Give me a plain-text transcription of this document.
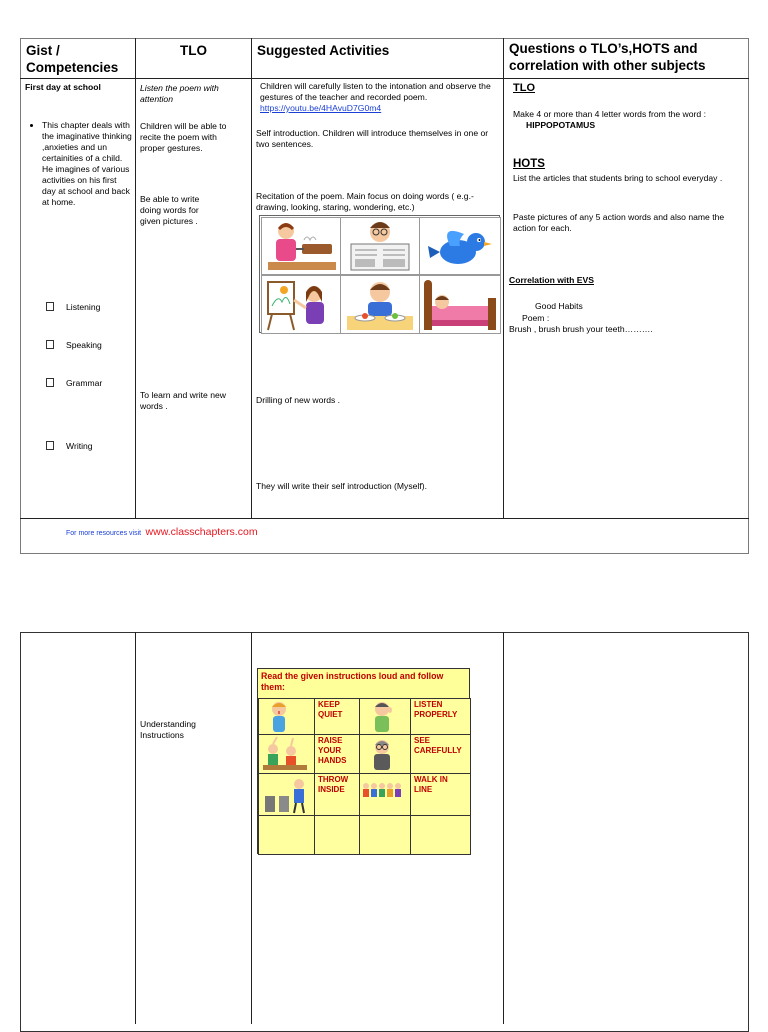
Gist /
Competencies
TLO	Suggested Activities	Questions o TLO’s,HOTS and correlation with other subjects
First day at school
• This chapter deals with the imaginative thinking ,anxieties and un certainities of a child. He imagines of various activities on his first day at school and back at home.
Listening
Speaking
Grammar
Writing
Listen the poem with attention
Children will be able to recite the poem with proper gestures.
Be able to write doing words for given pictures .
To learn and write new words .
Children will carefully listen to the intonation and observe the gestures of the teacher and recorded poem.
https://youtu.be/4HAvuD7G0m4
Self introduction. Children will introduce themselves in one or two sentences.
Recitation of the poem. Main focus on doing words ( e.g.- drawing, looking, staring, wondering, etc.)
Drilling of new words .
They will write their self introduction (Myself).
TLO
Make 4 or more than 4 letter words from the word :
HIPPOPOTAMUS
HOTS
List the articles that students bring to school everyday .
Paste pictures of any 5 action words and also name the action for each.
Correlation with EVS
Good Habits
Poem :
Brush , brush brush your teeth……….
For more resources visit www.classchapters.com
Understanding Instructions
Read the given instructions loud and follow them:
KEEP QUIET
LISTEN PROPERLY
RAISE YOUR HANDS
SEE CAREFULLY
THROW INSIDE
WALK IN LINE
